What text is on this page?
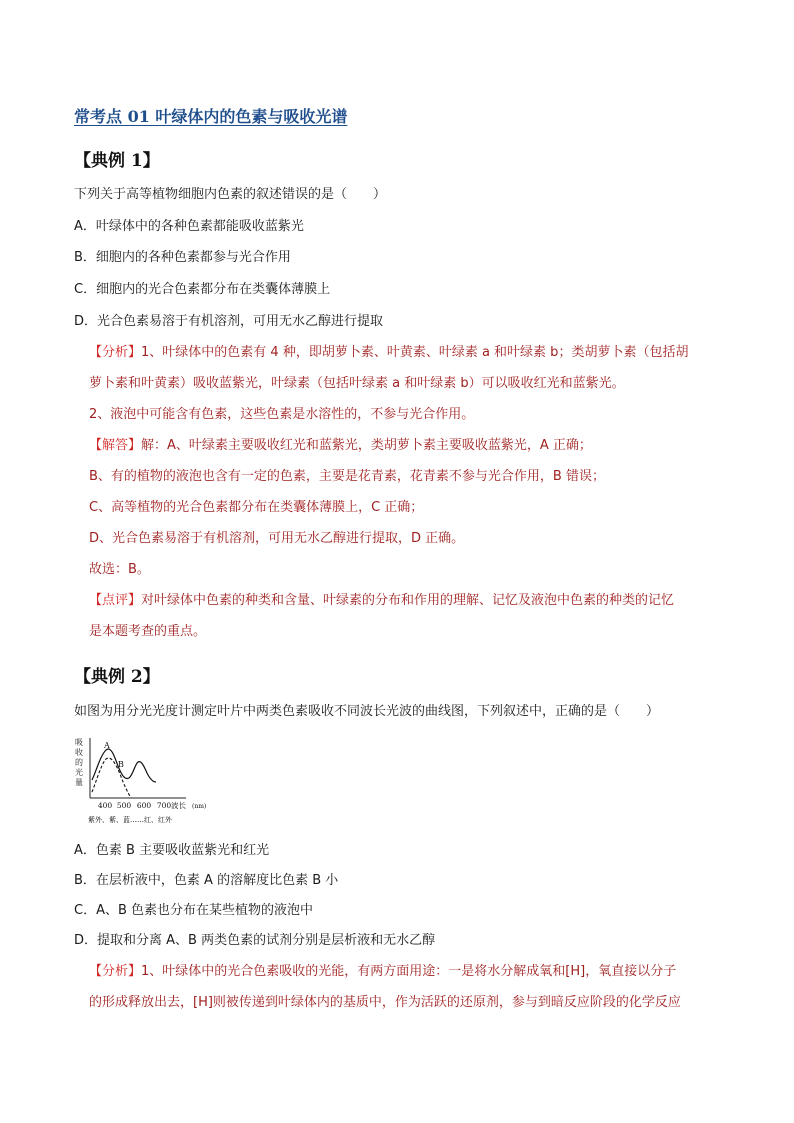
常考点 01 叶绿体内的色素与吸收光谱
【典例 1】
下列关于高等植物细胞内色素的叙述错误的是（　　）
A．叶绿体中的各种色素都能吸收蓝紫光
B．细胞内的各种色素都参与光合作用
C．细胞内的光合色素都分布在类囊体薄膜上
D．光合色素易溶于有机溶剂，可用无水乙醇进行提取
【分析】1、叶绿体中的色素有 4 种，即胡萝卜素、叶黄素、叶绿素 a 和叶绿素 b；类胡萝卜素（包括胡
萝卜素和叶黄素）吸收蓝紫光，叶绿素（包括叶绿素 a 和叶绿素 b）可以吸收红光和蓝紫光。
2、液泡中可能含有色素，这些色素是水溶性的，不参与光合作用。
【解答】解：A、叶绿素主要吸收红光和蓝紫光，类胡萝卜素主要吸收蓝紫光，A 正确；
B、有的植物的液泡也含有一定的色素，主要是花青素，花青素不参与光合作用，B 错误；
C、高等植物的光合色素都分布在类囊体薄膜上，C 正确；
D、光合色素易溶于有机溶剂，可用无水乙醇进行提取，D 正确。
故选：B。
【点评】对叶绿体中色素的种类和含量、叶绿素的分布和作用的理解、记忆及液泡中色素的种类的记忆
是本题考查的重点。
【典例 2】
如图为用分光光度计测定叶片中两类色素吸收不同波长光波的曲线图，下列叙述中，正确的是（　　）
吸
收
的
光
量
A
B
400 500 600 700 波长 (nm)
紫外、紫、蓝……红、红外
A．色素 B 主要吸收蓝紫光和红光
B．在层析液中，色素 A 的溶解度比色素 B 小
C．A、B 色素也分布在某些植物的液泡中
D．提取和分离 A、B 两类色素的试剂分别是层析液和无水乙醇
【分析】1、叶绿体中的光合色素吸收的光能，有两方面用途：一是将水分解成氧和[H]，氧直接以分子
的形成释放出去，[H]则被传递到叶绿体内的基质中，作为活跃的还原剂，参与到暗反应阶段的化学反应
